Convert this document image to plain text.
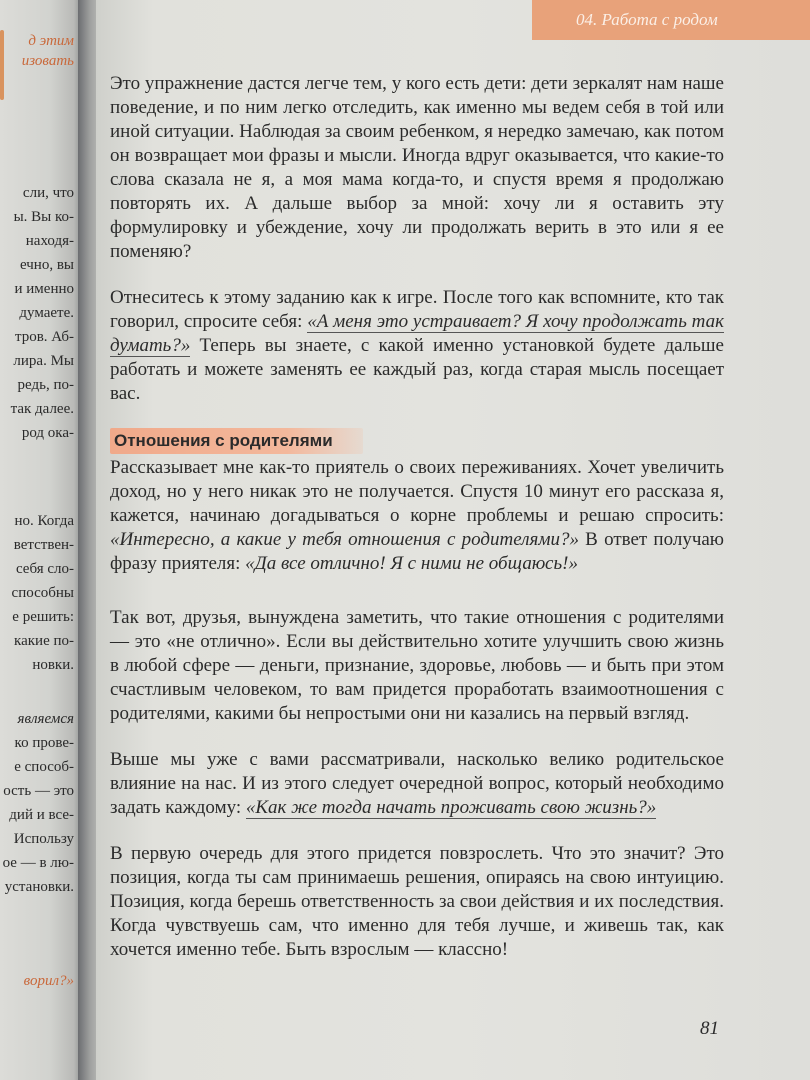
д этим
изовать
сли, что
ы. Вы ко-
находя-
ечно, вы
и именно
думаете.
тров. Аб-
лира. Мы
редь, по-
так далее.
род ока-
но. Когда
ветствен-
себя сло-
способны
е решить:
какие по-
новки.
являемся
ко прове-
е способ-
ость — это
дий и все-
Использу
ое — в лю-
установки.
ворил?»
04. Работа с родом

Это упражнение дастся легче тем, у кого есть дети: дети зеркалят нам наше поведение, и по ним легко отследить, как именно мы ведем себя в той или иной ситуации. Наблюдая за своим ребенком, я нередко замечаю, как потом он возвращает мои фразы и мысли. Иногда вдруг оказывается, что какие-то слова сказала не я, а моя мама когда-то, и спустя время я продолжаю повторять их. А дальше выбор за мной: хочу ли я оставить эту формулировку и убеждение, хочу ли продолжать верить в это или я ее поменяю?

Отнеситесь к этому заданию как к игре. После того как вспомните, кто так говорил, спросите себя: «А меня это устраивает? Я хочу продолжать так думать?» Теперь вы знаете, с какой именно установкой будете дальше работать и можете заменять ее каждый раз, когда старая мысль посещает вас.

Отношения с родителями

Рассказывает мне как-то приятель о своих переживаниях. Хочет увеличить доход, но у него никак это не получается. Спустя 10 минут его рассказа я, кажется, начинаю догадываться о корне проблемы и решаю спросить: «Интересно, а какие у тебя отношения с родителями?» В ответ получаю фразу приятеля: «Да все отлично! Я с ними не общаюсь!»

Так вот, друзья, вынуждена заметить, что такие отношения с родителями — это «не отлично». Если вы действительно хотите улучшить свою жизнь в любой сфере — деньги, признание, здоровье, любовь — и быть при этом счастливым человеком, то вам придется проработать взаимоотношения с родителями, какими бы непростыми они ни казались на первый взгляд.

Выше мы уже с вами рассматривали, насколько велико родительское влияние на нас. И из этого следует очередной вопрос, который необходимо задать каждому: «Как же тогда начать проживать свою жизнь?»

В первую очередь для этого придется повзрослеть. Что это значит? Это позиция, когда ты сам принимаешь решения, опираясь на свою интуицию. Позиция, когда берешь ответственность за свои действия и их последствия. Когда чувствуешь сам, что именно для тебя лучше, и живешь так, как хочется именно тебе. Быть взрослым — классно!

81
